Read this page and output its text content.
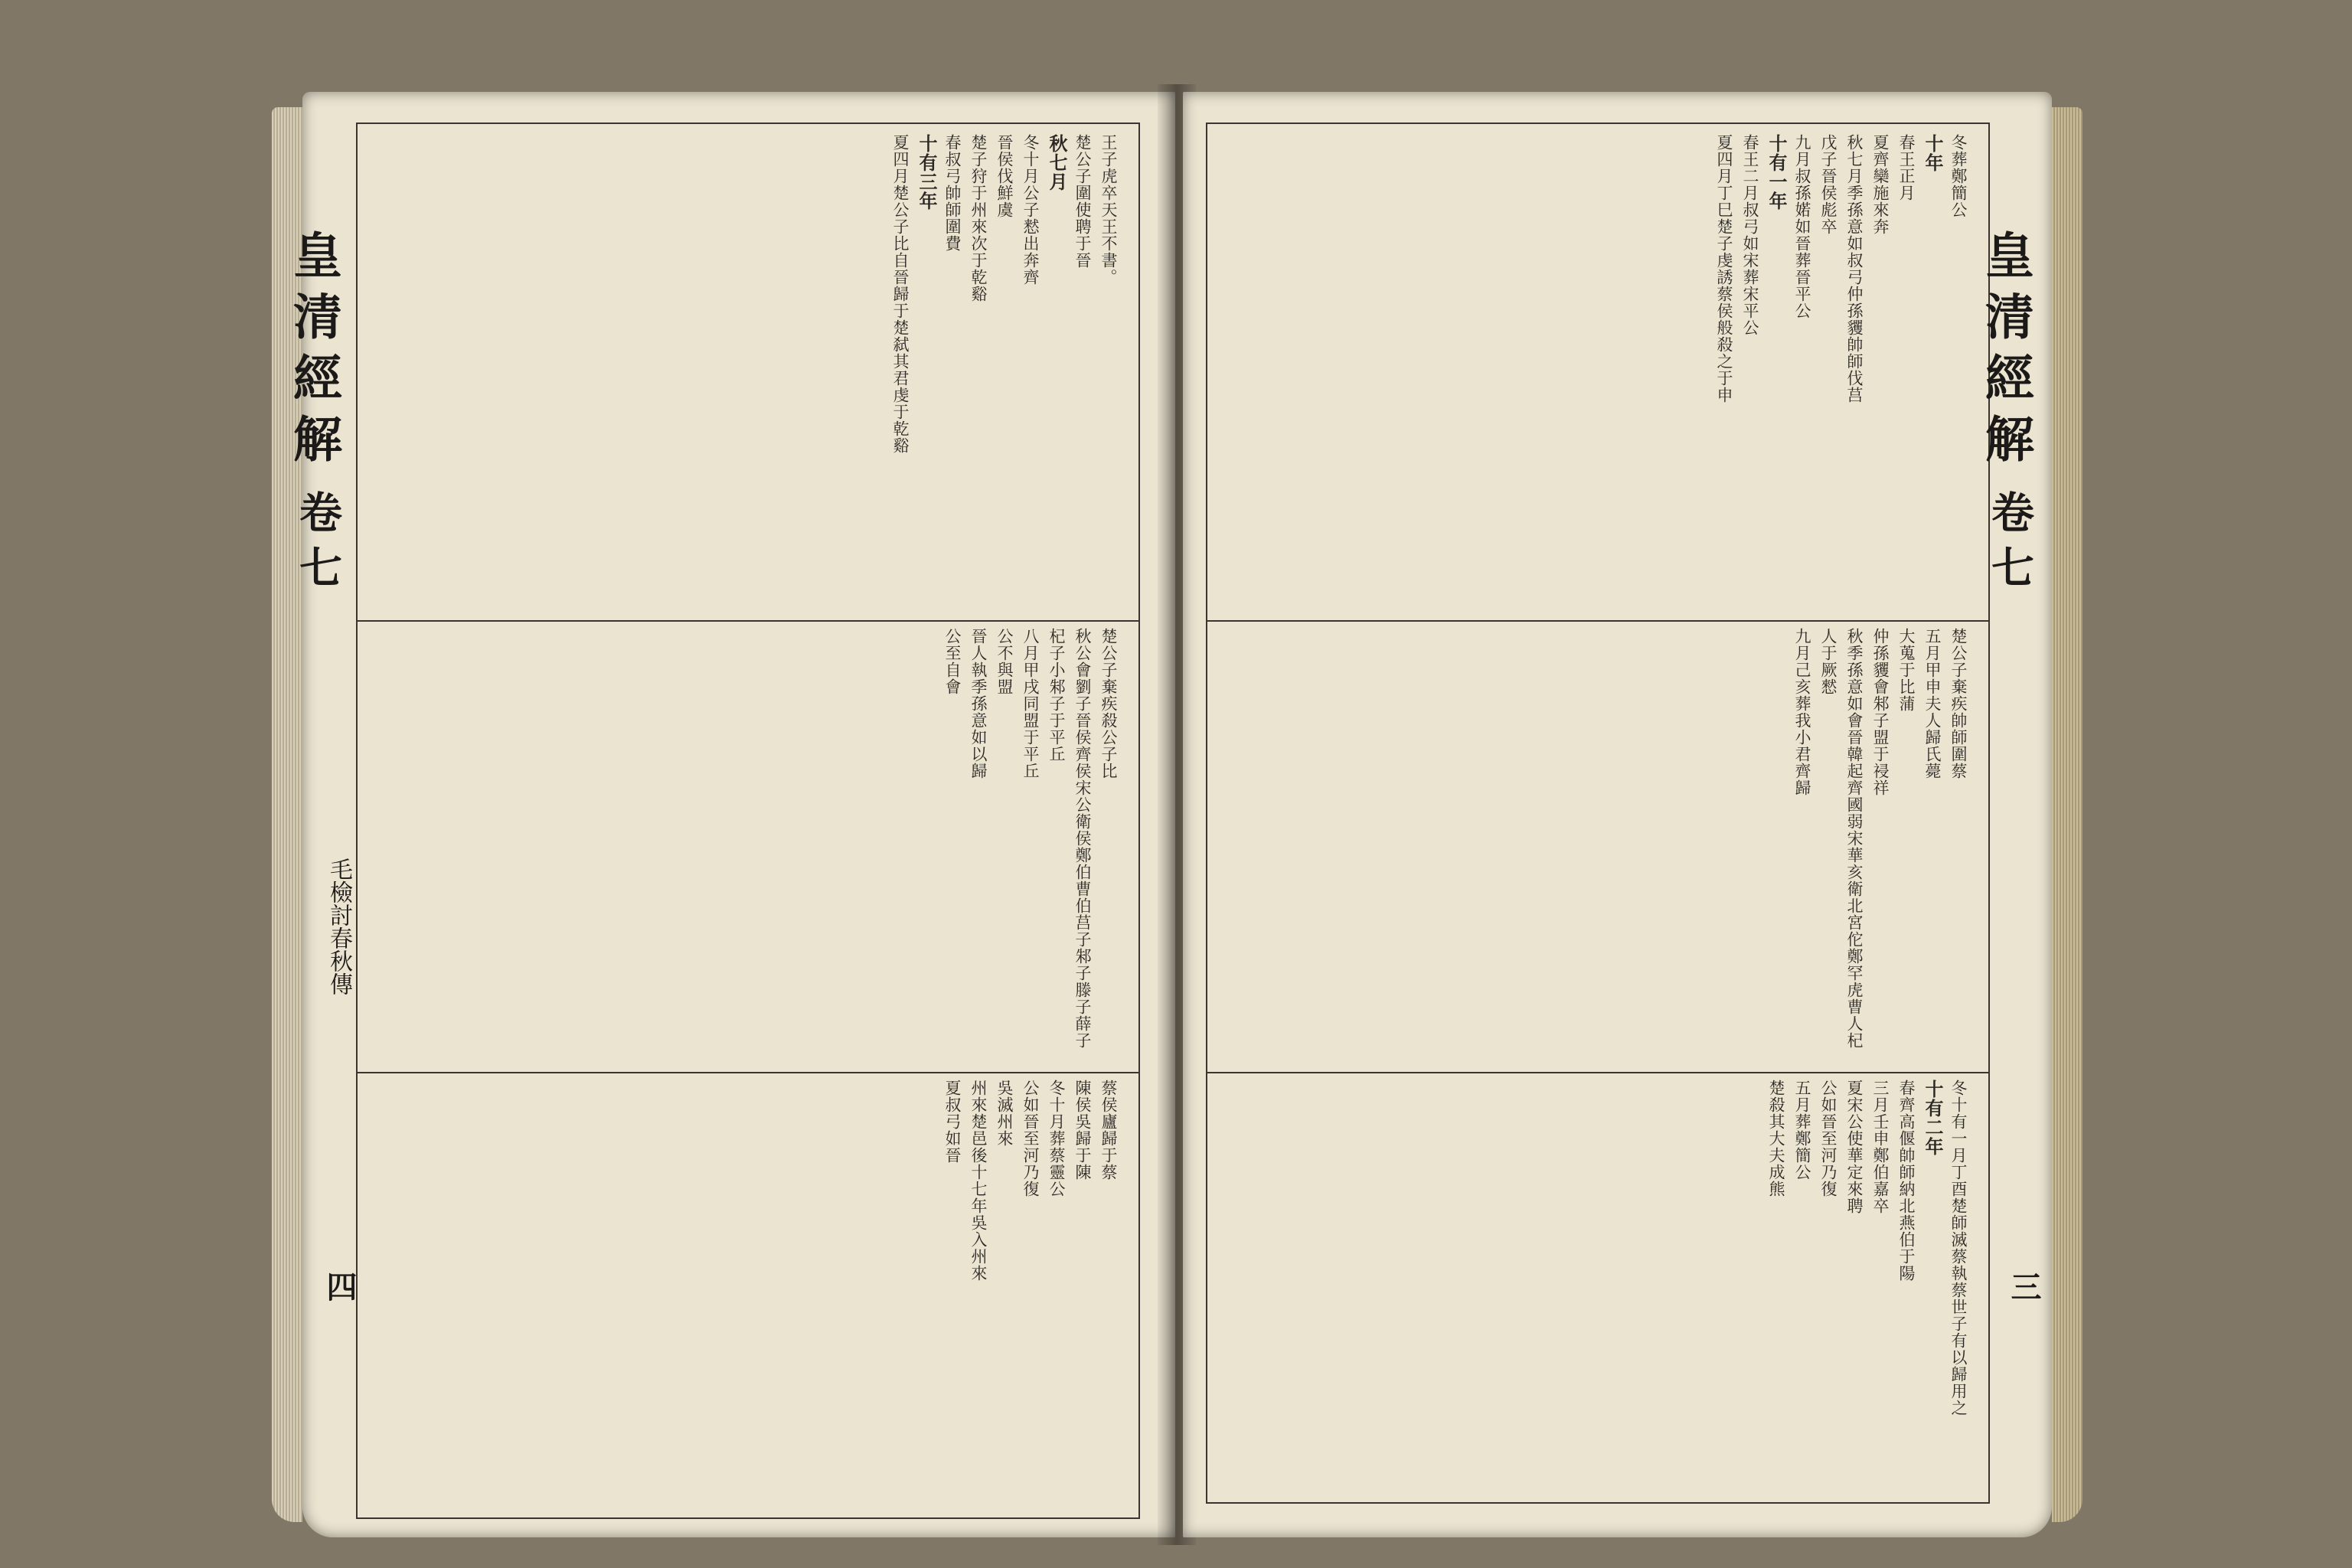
皇清經解
卷七
毛檢討春秋傳
四
王子虎卒天王不書。
楚公子圍使聘于晉
秋七月
冬十月公子慭出奔齊
晉侯伐鮮虞
楚子狩于州來次于乾谿
春叔弓帥師圍費
十有三年
夏四月楚公子比自晉歸于楚弑其君虔于乾谿
楚公子棄疾殺公子比
秋公會劉子晉侯齊侯宋公衛侯鄭伯曹伯莒子邾子滕子薛子杞子小邾子于平丘
八月甲戌同盟于平丘
公不與盟
晉人執季孫意如以歸
公至自會
蔡侯廬歸于蔡
陳侯吳歸于陳
冬十月葬蔡靈公
公如晉至河乃復
吳滅州來
州來楚邑後十七年吳入州來
夏叔弓如晉
皇清經解
卷七
三
冬葬鄭簡公
十年
春王正月
夏齊欒施來奔
秋七月季孫意如叔弓仲孫貜帥師伐莒
戊子晉侯彪卒
九月叔孫婼如晉葬晉平公
十有一年
春王二月叔弓如宋葬宋平公
夏四月丁巳楚子虔誘蔡侯般殺之于申
楚公子棄疾帥師圍蔡
五月甲申夫人歸氏薨
大蒐于比蒲
仲孫貜會邾子盟于祲祥
秋季孫意如會晉韓起齊國弱宋華亥衛北宮佗鄭罕虎曹人杞人于厥憖
九月己亥葬我小君齊歸
冬十有一月丁酉楚師滅蔡執蔡世子有以歸用之
十有二年
春齊高偃帥師納北燕伯于陽
三月壬申鄭伯嘉卒
夏宋公使華定來聘
公如晉至河乃復
五月葬鄭簡公
楚殺其大夫成熊
